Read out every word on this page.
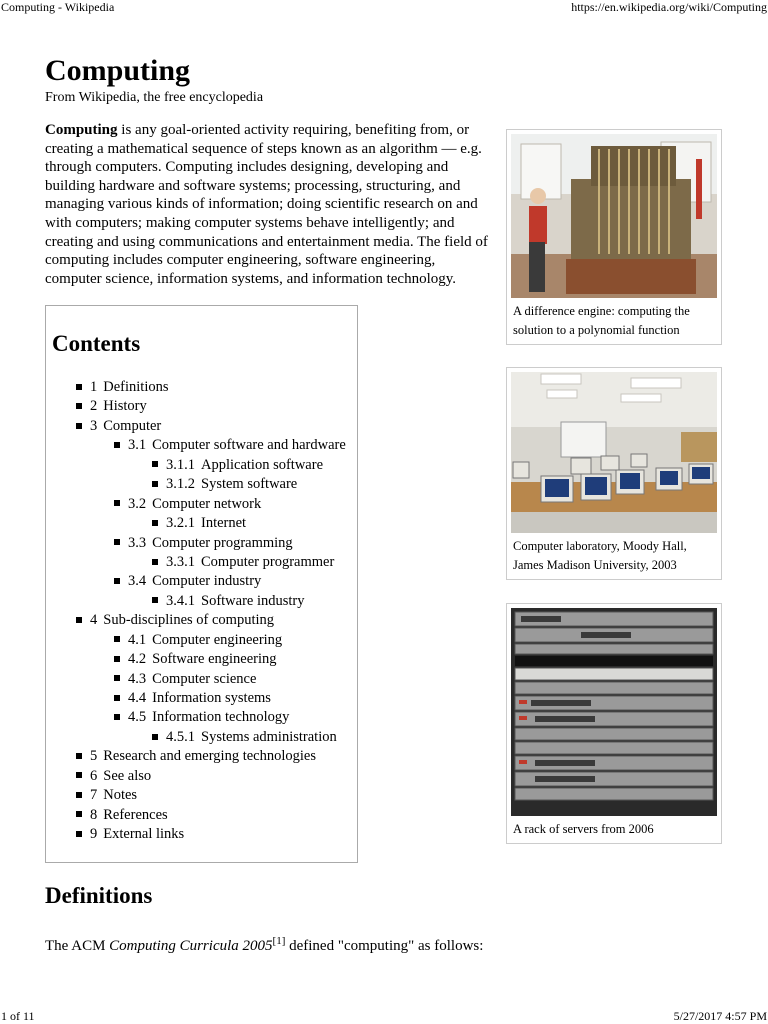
Computing - Wikipedia	https://en.wikipedia.org/wiki/Computing
Computing
From Wikipedia, the free encyclopedia

Computing is any goal-oriented activity requiring, benefiting from, or creating a mathematical sequence of steps known as an algorithm — e.g. through computers. Computing includes designing, developing and building hardware and software systems; processing, structuring, and managing various kinds of information; doing scientific research on and with computers; making computer systems behave intelligently; and creating and using communications and entertainment media. The field of computing includes computer engineering, software engineering, computer science, information systems, and information technology.

A difference engine: computing the solution to a polynomial function
Computer laboratory, Moody Hall, James Madison University, 2003
A rack of servers from 2006
Contents
1 Definitions
2 History
3 Computer
3.1 Computer software and hardware
3.1.1 Application software
3.1.2 System software
3.2 Computer network
3.2.1 Internet
3.3 Computer programming
3.3.1 Computer programmer
3.4 Computer industry
3.4.1 Software industry
4 Sub-disciplines of computing
4.1 Computer engineering
4.2 Software engineering
4.3 Computer science
4.4 Information systems
4.5 Information technology
4.5.1 Systems administration
5 Research and emerging technologies
6 See also
7 Notes
8 References
9 External links
Definitions

The ACM Computing Curricula 2005[1] defined "computing" as follows:

1 of 11	5/27/2017 4:57 PM
